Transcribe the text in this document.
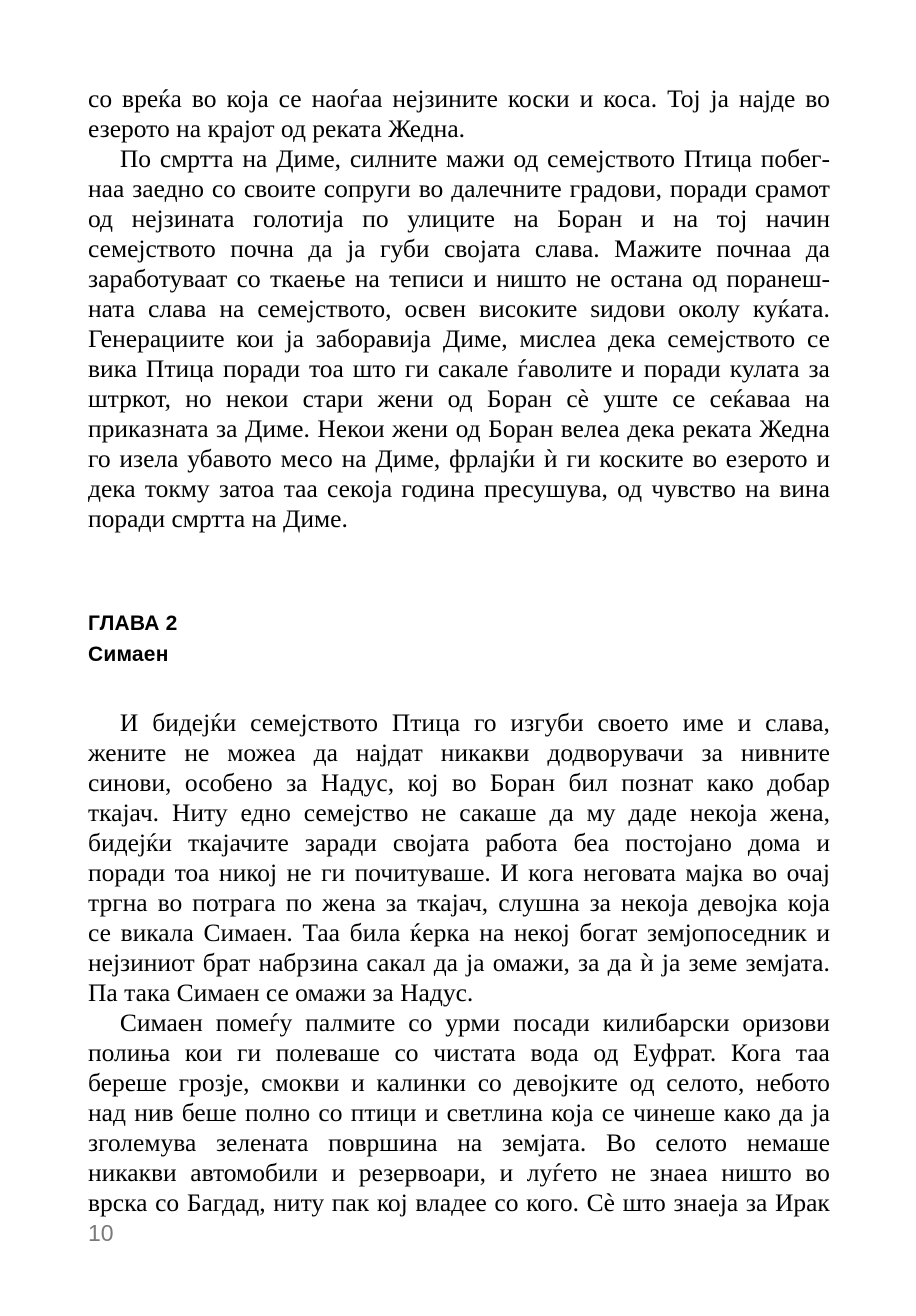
со вреќа во која се наоѓаа нејзините коски и коса. Тој ја најде во
езерото на крајот од реката Жедна.
По смртта на Диме, силните мажи од семејството Птица побег-
наа заедно со своите сопруги во далечните градови, поради срамот
од нејзината голотија по улиците на Боран и на тој начин
семејството почна да ја губи својата слава. Мажите почнаа да
заработуваат со ткаење на теписи и ништо не остана од поранеш-
ната слава на семејството, освен високите ѕидови околу куќата.
Генерациите кои ја заборавија Диме, мислеа дека семејството се
вика Птица поради тоа што ги сакале ѓаволите и поради кулата за
штркот, но некои стари жени од Боран сѐ уште се сеќаваа на
приказната за Диме. Некои жени од Боран велеа дека реката Жедна
го изела убавото месо на Диме, фрлајќи ѝ ги коските во езерото и
дека токму затоа таа секоја година пресушува, од чувство на вина
поради смртта на Диме.
ГЛАВА 2
Симаен
И бидејќи семејството Птица го изгуби своето име и слава,
жените не можеа да најдат никакви додворувачи за нивните
синови, особено за Надус, кој во Боран бил познат како добар
ткајач. Ниту едно семејство не сакаше да му даде некоја жена,
бидејќи ткајачите заради својата работа беа постојано дома и
поради тоа никој не ги почитуваше. И кога неговата мајка во очај
тргна во потрага по жена за ткајач, слушна за некоја девојка која
се викала Симаен. Таа била ќерка на некој богат земјопоседник и
нејзиниот брат набрзина сакал да ја омажи, за да ѝ ја земе земјата.
Па така Симаен се омажи за Надус.
Симаен помеѓу палмите со урми посади килибарски оризови
полиња кои ги полеваше со чистата вода од Еуфрат. Кога таа
береше грозје, смокви и калинки со девојките од селото, небото
над нив беше полно со птици и светлина која се чинеше како да ја
зголемува зелената површина на земјата. Во селото немаше
никакви автомобили и резервоари, и луѓето не знаеа ништо во
врска со Багдад, ниту пак кој владее со кого. Сѐ што знаеја за Ирак
10
